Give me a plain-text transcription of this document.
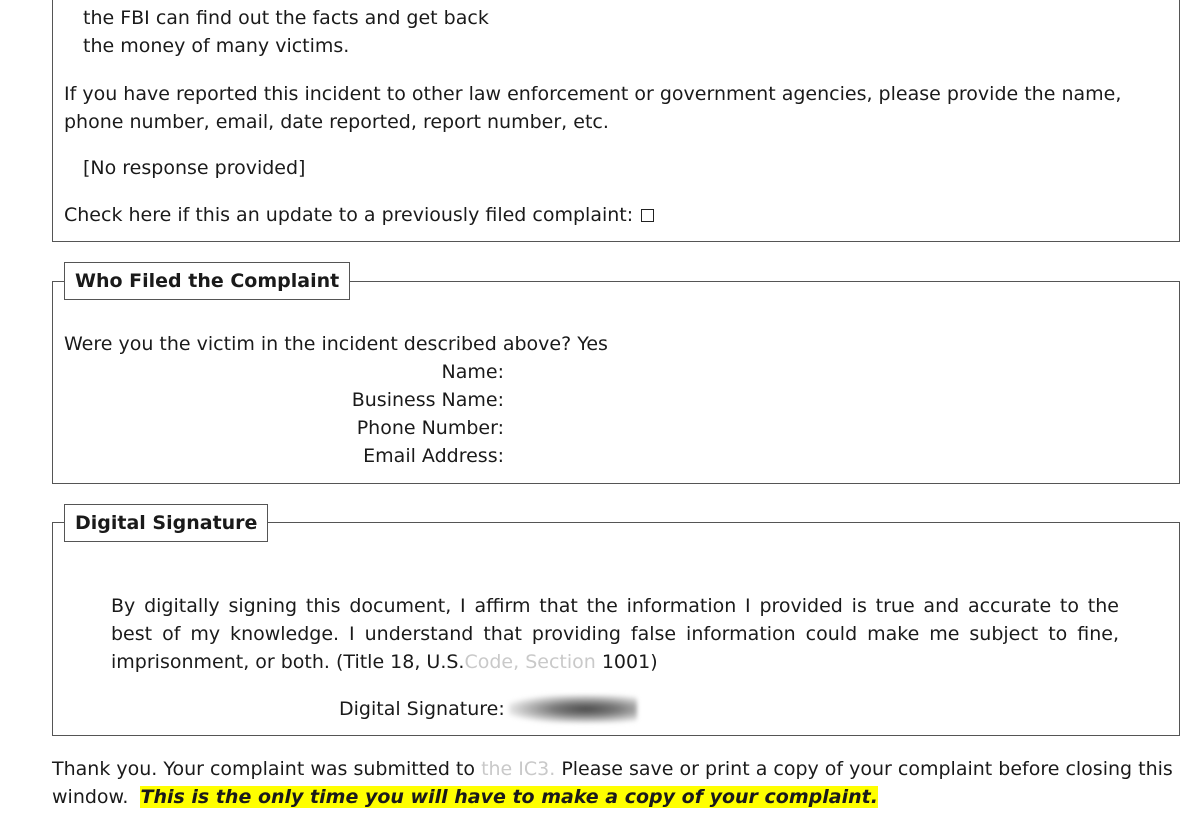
the FBI can find out the facts and get back
the money of many victims.
If you have reported this incident to other law enforcement or government agencies, please provide the name,
phone number, email, date reported, report number, etc.
[No response provided]
Check here if this an update to a previously filed complaint:
Who Filed the Complaint
Were you the victim in the incident described above? Yes
Name:
Business Name:
Phone Number:
Email Address:
Digital Signature
By digitally signing this document, I affirm that the information I provided is true and accurate to the best of my knowledge. I understand that providing false information could make me subject to fine, imprisonment, or both. (Title 18, U.S.Code, Section 1001)
Digital Signature:
Thank you. Your complaint was submitted to the IC3. Please save or print a copy of your complaint before closing this
window. This is the only time you will have to make a copy of your complaint.
